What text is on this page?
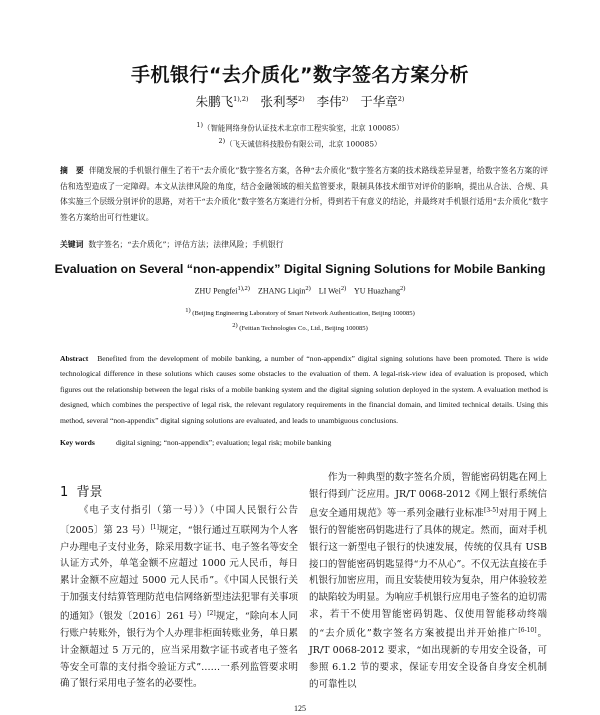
手机银行“去介质化”数字签名方案分析
朱鹏飞$^{1),2)}$ 张利琴$^{2)}$ 李伟$^{2)}$ 于华章$^{2)}$
$^{1)}$（智能网络身份认证技术北京市工程实验室，北京 100085）
$^{2)}$（飞天诚信科技股份有限公司，北京 100085）
摘　要 伴随发展的手机银行催生了若干“去介质化”数字签名方案，各种“去介质化”数字签名方案的技术路线差异显著，给数字签名方案的评估和选型造成了一定障碍。本文从法律风险的角度，结合金融领域的相关监管要求，限制具体技术细节对评价的影响，提出从合法、合规、具体实施三个层级分别评价的思路，对若干“去介质化”数字签名方案进行分析，得到若干有意义的结论，并最终对手机银行适用“去介质化”数字签名方案给出可行性建议。
关键词 数字签名；“去介质化”；评估方法；法律风险；手机银行
Evaluation on Several “non-appendix” Digital Signing Solutions for Mobile Banking
ZHU Pengfei$^{1),2)}$ ZHANG Liqin$^{2)}$ LI Wei$^{2)}$ YU Huazhang$^{2)}$
$^{1)}$ (Beijing Engineering Laboratory of Smart Network Authentication, Beijing 100085)
$^{2)}$ (Feitian Technologies Co., Ltd., Beijing 100085)
Abstract Benefited from the development of mobile banking, a number of “non-appendix” digital signing solutions have been promoted. There is wide technological difference in these solutions which causes some obstacles to the evaluation of them. A legal-risk-view idea of evaluation is proposed, which figures out the relationship between the legal risks of a mobile banking system and the digital signing solution deployed in the system. A evaluation method is designed, which combines the perspective of legal risk, the relevant regulatory requirements in the financial domain, and limited technical details. Using this method, several “non-appendix” digital signing solutions are evaluated, and leads to unambiguous conclusions.
Key words	digital signing; “non-appendix”; evaluation; legal risk; mobile banking
1 背景
《电子支付指引（第一号）》（中国人民银行公告〔2005〕第 23 号）[1]规定，“银行通过互联网为个人客户办理电子支付业务，除采用数字证书、电子签名等安全认证方式外，单笔金额不应超过 1000 元人民币，每日累计金额不应超过 5000 元人民币”。《中国人民银行关于加强支付结算管理防范电信网络新型违法犯罪有关事项的通知》（银发〔2016〕261 号）[2]规定，“除向本人同行账户转账外，银行为个人办理非柜面转账业务，单日累计金额超过 5 万元的，应当采用数字证书或者电子签名等安全可靠的支付指令验证方式”……一系列监管要求明确了银行采用电子签名的必要性。
作为一种典型的数字签名介质，智能密码钥匙在网上银行得到广泛应用。JR/T 0068-2012《网上银行系统信息安全通用规范》等一系列金融行业标准[3-5]对用于网上银行的智能密码钥匙进行了具体的规定。然而，面对手机银行这一新型电子银行的快速发展，传统的仅具有 USB 接口的智能密码钥匙显得“力不从心”。不仅无法直接在手机银行加密应用，而且安装使用较为复杂，用户体验较差的缺陷较为明显。为响应手机银行应用电子签名的迫切需求，若干不使用智能密码钥匙、仅使用智能移动终端的“去介质化”数字签名方案被提出并开始推广[6-10]。JR/T 0068-2012 要求，“如出现新的专用安全设备，可参照 6.1.2 节的要求，保证专用安全设备自身安全机制的可靠性以
125
